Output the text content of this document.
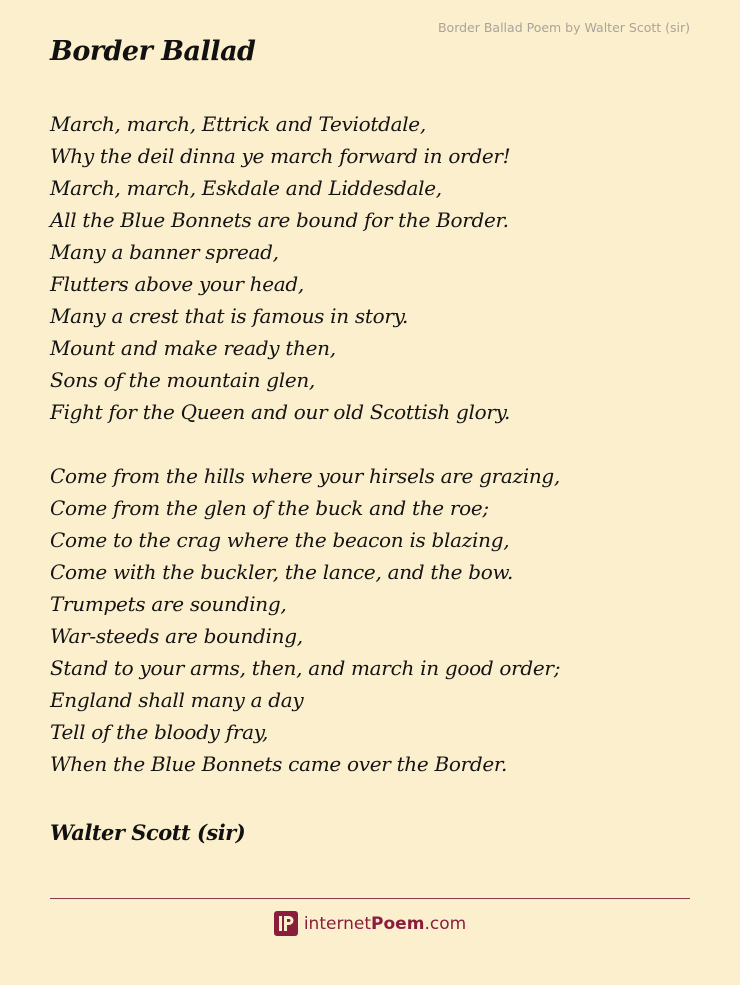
Border Ballad Poem by Walter Scott (sir)
Border Ballad
March, march, Ettrick and Teviotdale,
Why the deil dinna ye march forward in order!
March, march, Eskdale and Liddesdale,
All the Blue Bonnets are bound for the Border.
Many a banner spread,
Flutters above your head,
Many a crest that is famous in story.
Mount and make ready then,
Sons of the mountain glen,
Fight for the Queen and our old Scottish glory.
Come from the hills where your hirsels are grazing,
Come from the glen of the buck and the roe;
Come to the crag where the beacon is blazing,
Come with the buckler, the lance, and the bow.
Trumpets are sounding,
War-steeds are bounding,
Stand to your arms, then, and march in good order;
England shall many a day
Tell of the bloody fray,
When the Blue Bonnets came over the Border.
Walter Scott (sir)
internetPoem.com
